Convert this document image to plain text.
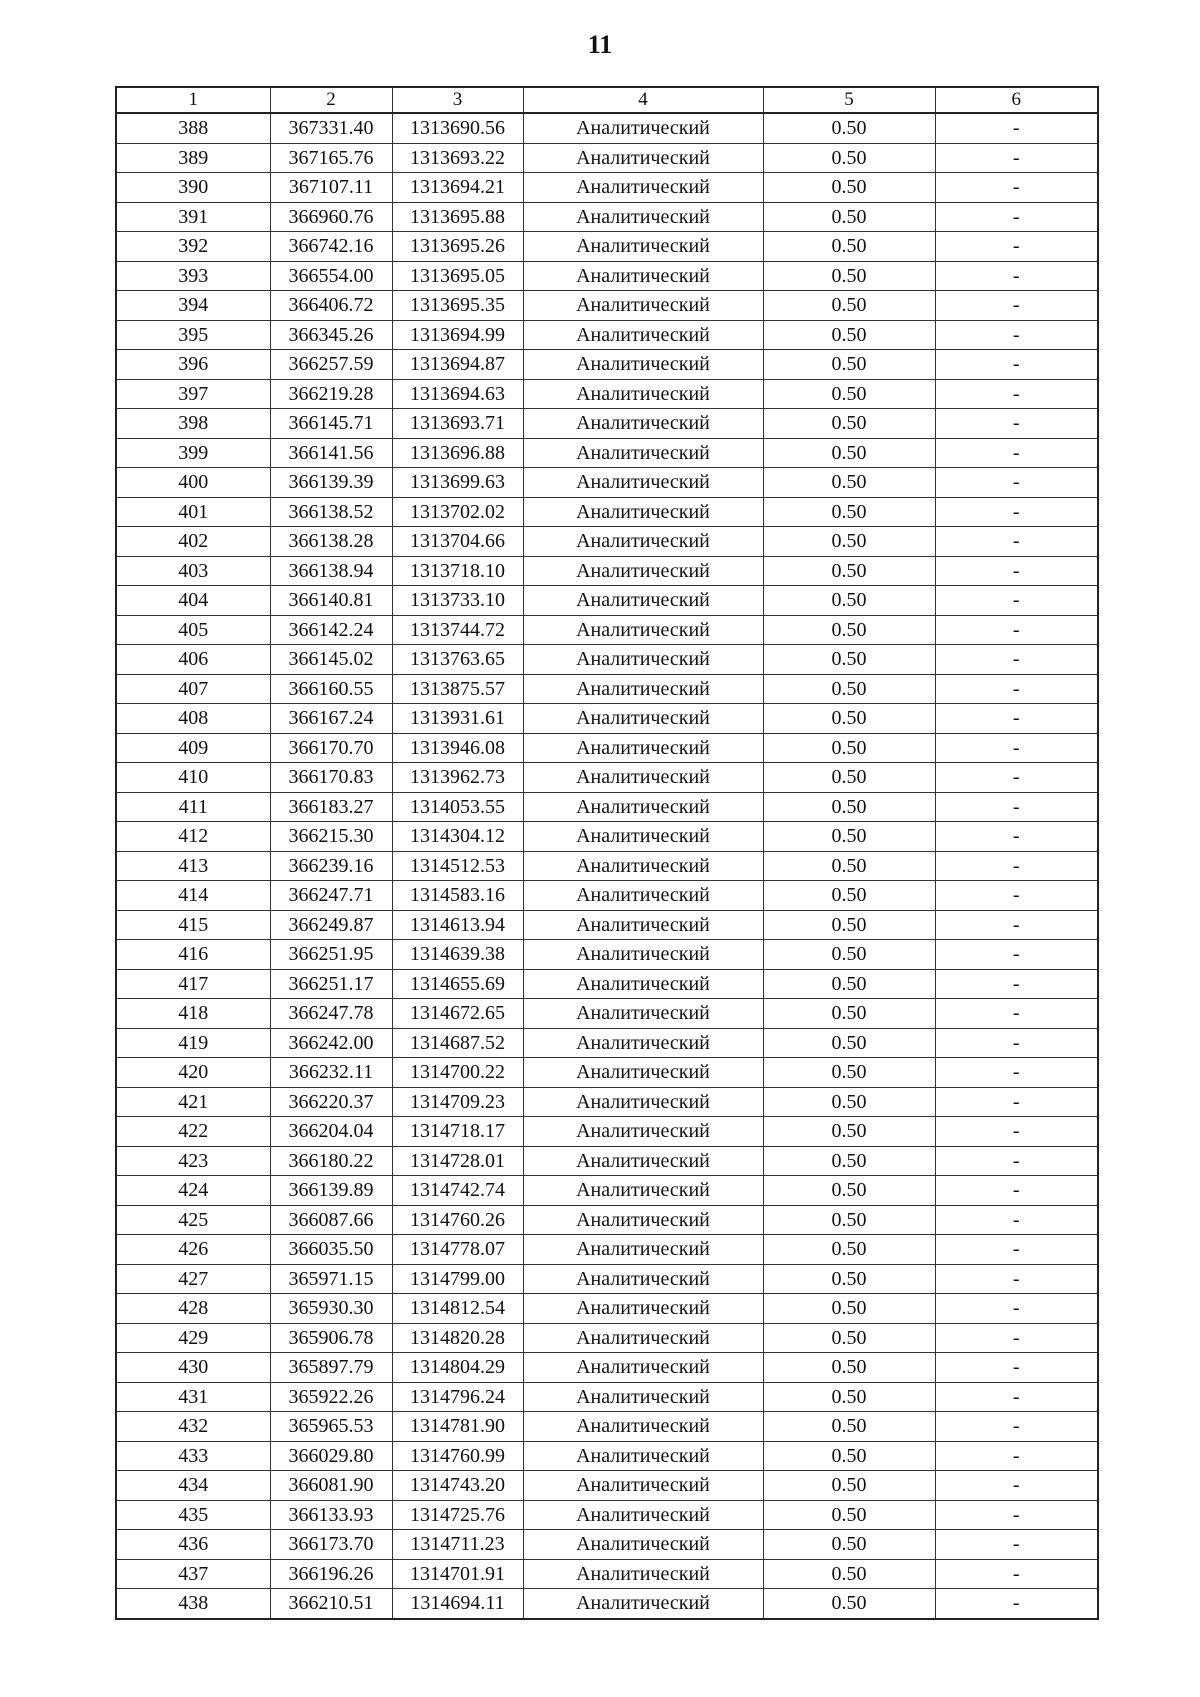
11
1	2	3	4	5	6
388	367331.40	1313690.56	Аналитический	0.50	-
389	367165.76	1313693.22	Аналитический	0.50	-
390	367107.11	1313694.21	Аналитический	0.50	-
391	366960.76	1313695.88	Аналитический	0.50	-
392	366742.16	1313695.26	Аналитический	0.50	-
393	366554.00	1313695.05	Аналитический	0.50	-
394	366406.72	1313695.35	Аналитический	0.50	-
395	366345.26	1313694.99	Аналитический	0.50	-
396	366257.59	1313694.87	Аналитический	0.50	-
397	366219.28	1313694.63	Аналитический	0.50	-
398	366145.71	1313693.71	Аналитический	0.50	-
399	366141.56	1313696.88	Аналитический	0.50	-
400	366139.39	1313699.63	Аналитический	0.50	-
401	366138.52	1313702.02	Аналитический	0.50	-
402	366138.28	1313704.66	Аналитический	0.50	-
403	366138.94	1313718.10	Аналитический	0.50	-
404	366140.81	1313733.10	Аналитический	0.50	-
405	366142.24	1313744.72	Аналитический	0.50	-
406	366145.02	1313763.65	Аналитический	0.50	-
407	366160.55	1313875.57	Аналитический	0.50	-
408	366167.24	1313931.61	Аналитический	0.50	-
409	366170.70	1313946.08	Аналитический	0.50	-
410	366170.83	1313962.73	Аналитический	0.50	-
411	366183.27	1314053.55	Аналитический	0.50	-
412	366215.30	1314304.12	Аналитический	0.50	-
413	366239.16	1314512.53	Аналитический	0.50	-
414	366247.71	1314583.16	Аналитический	0.50	-
415	366249.87	1314613.94	Аналитический	0.50	-
416	366251.95	1314639.38	Аналитический	0.50	-
417	366251.17	1314655.69	Аналитический	0.50	-
418	366247.78	1314672.65	Аналитический	0.50	-
419	366242.00	1314687.52	Аналитический	0.50	-
420	366232.11	1314700.22	Аналитический	0.50	-
421	366220.37	1314709.23	Аналитический	0.50	-
422	366204.04	1314718.17	Аналитический	0.50	-
423	366180.22	1314728.01	Аналитический	0.50	-
424	366139.89	1314742.74	Аналитический	0.50	-
425	366087.66	1314760.26	Аналитический	0.50	-
426	366035.50	1314778.07	Аналитический	0.50	-
427	365971.15	1314799.00	Аналитический	0.50	-
428	365930.30	1314812.54	Аналитический	0.50	-
429	365906.78	1314820.28	Аналитический	0.50	-
430	365897.79	1314804.29	Аналитический	0.50	-
431	365922.26	1314796.24	Аналитический	0.50	-
432	365965.53	1314781.90	Аналитический	0.50	-
433	366029.80	1314760.99	Аналитический	0.50	-
434	366081.90	1314743.20	Аналитический	0.50	-
435	366133.93	1314725.76	Аналитический	0.50	-
436	366173.70	1314711.23	Аналитический	0.50	-
437	366196.26	1314701.91	Аналитический	0.50	-
438	366210.51	1314694.11	Аналитический	0.50	-
